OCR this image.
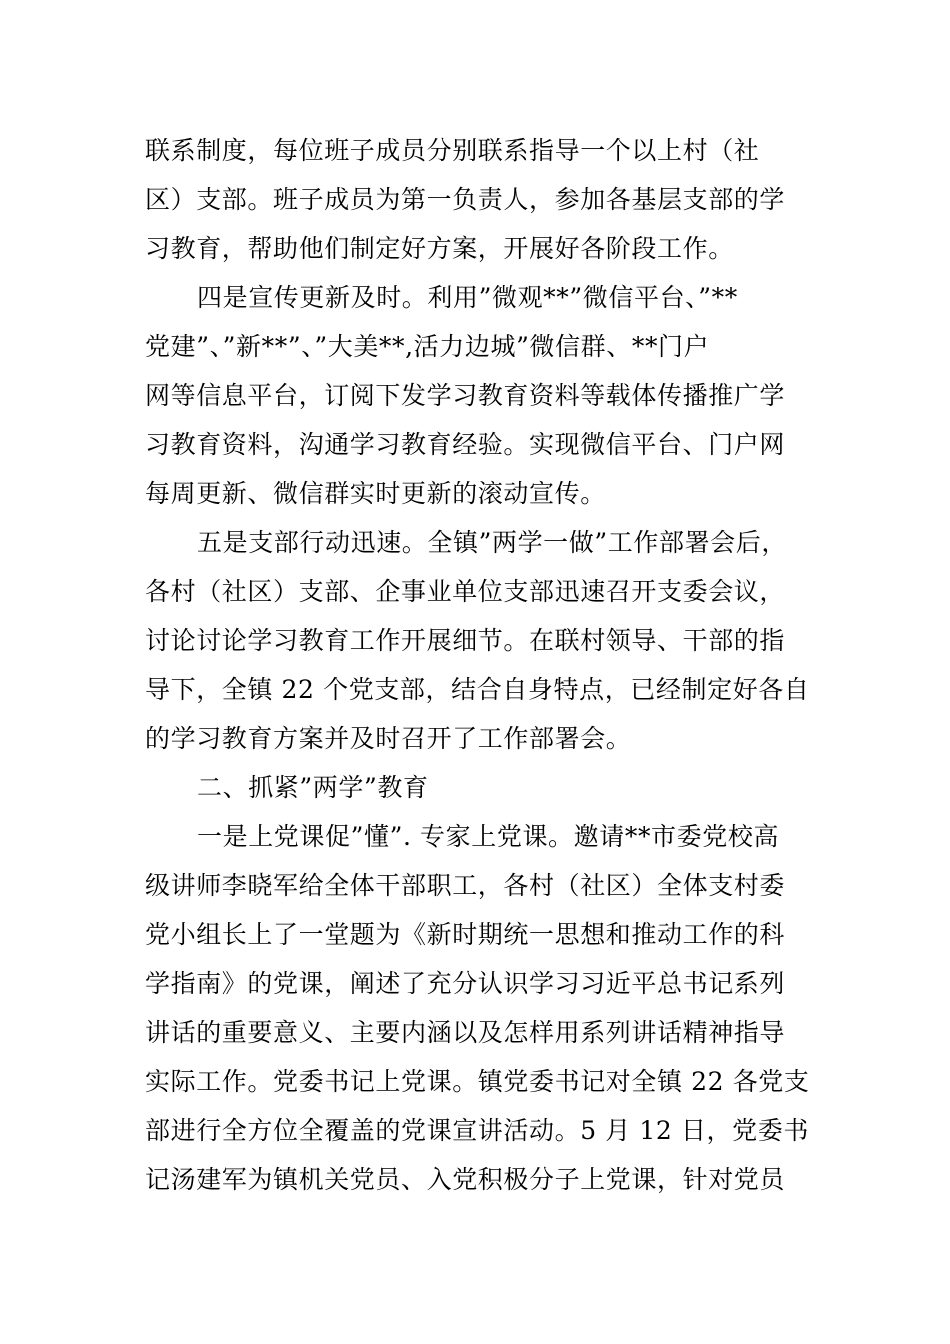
联系制度，每位班子成员分别联系指导一个以上村（社
区）支部。班子成员为第一负责人，参加各基层支部的学
习教育，帮助他们制定好方案，开展好各阶段工作。
四是宣传更新及时。利用”微观**”微信平台、”**
党建”、”新**”、”大美**,活力边城”微信群、**门户
网等信息平台，订阅下发学习教育资料等载体传播推广学
习教育资料，沟通学习教育经验。实现微信平台、门户网
每周更新、微信群实时更新的滚动宣传。
五是支部行动迅速。全镇”两学一做”工作部署会后，
各村（社区）支部、企事业单位支部迅速召开支委会议，
讨论讨论学习教育工作开展细节。在联村领导、干部的指
导下，全镇 22 个党支部，结合自身特点，已经制定好各自
的学习教育方案并及时召开了工作部署会。
二、抓紧”两学”教育
一是上党课促”懂”. 专家上党课。邀请**市委党校高
级讲师李晓军给全体干部职工，各村（社区）全体支村委
党小组长上了一堂题为《新时期统一思想和推动工作的科
学指南》的党课，阐述了充分认识学习习近平总书记系列
讲话的重要意义、主要内涵以及怎样用系列讲话精神指导
实际工作。党委书记上党课。镇党委书记对全镇 22 各党支
部进行全方位全覆盖的党课宣讲活动。5 月 12 日，党委书
记汤建军为镇机关党员、入党积极分子上党课，针对党员
